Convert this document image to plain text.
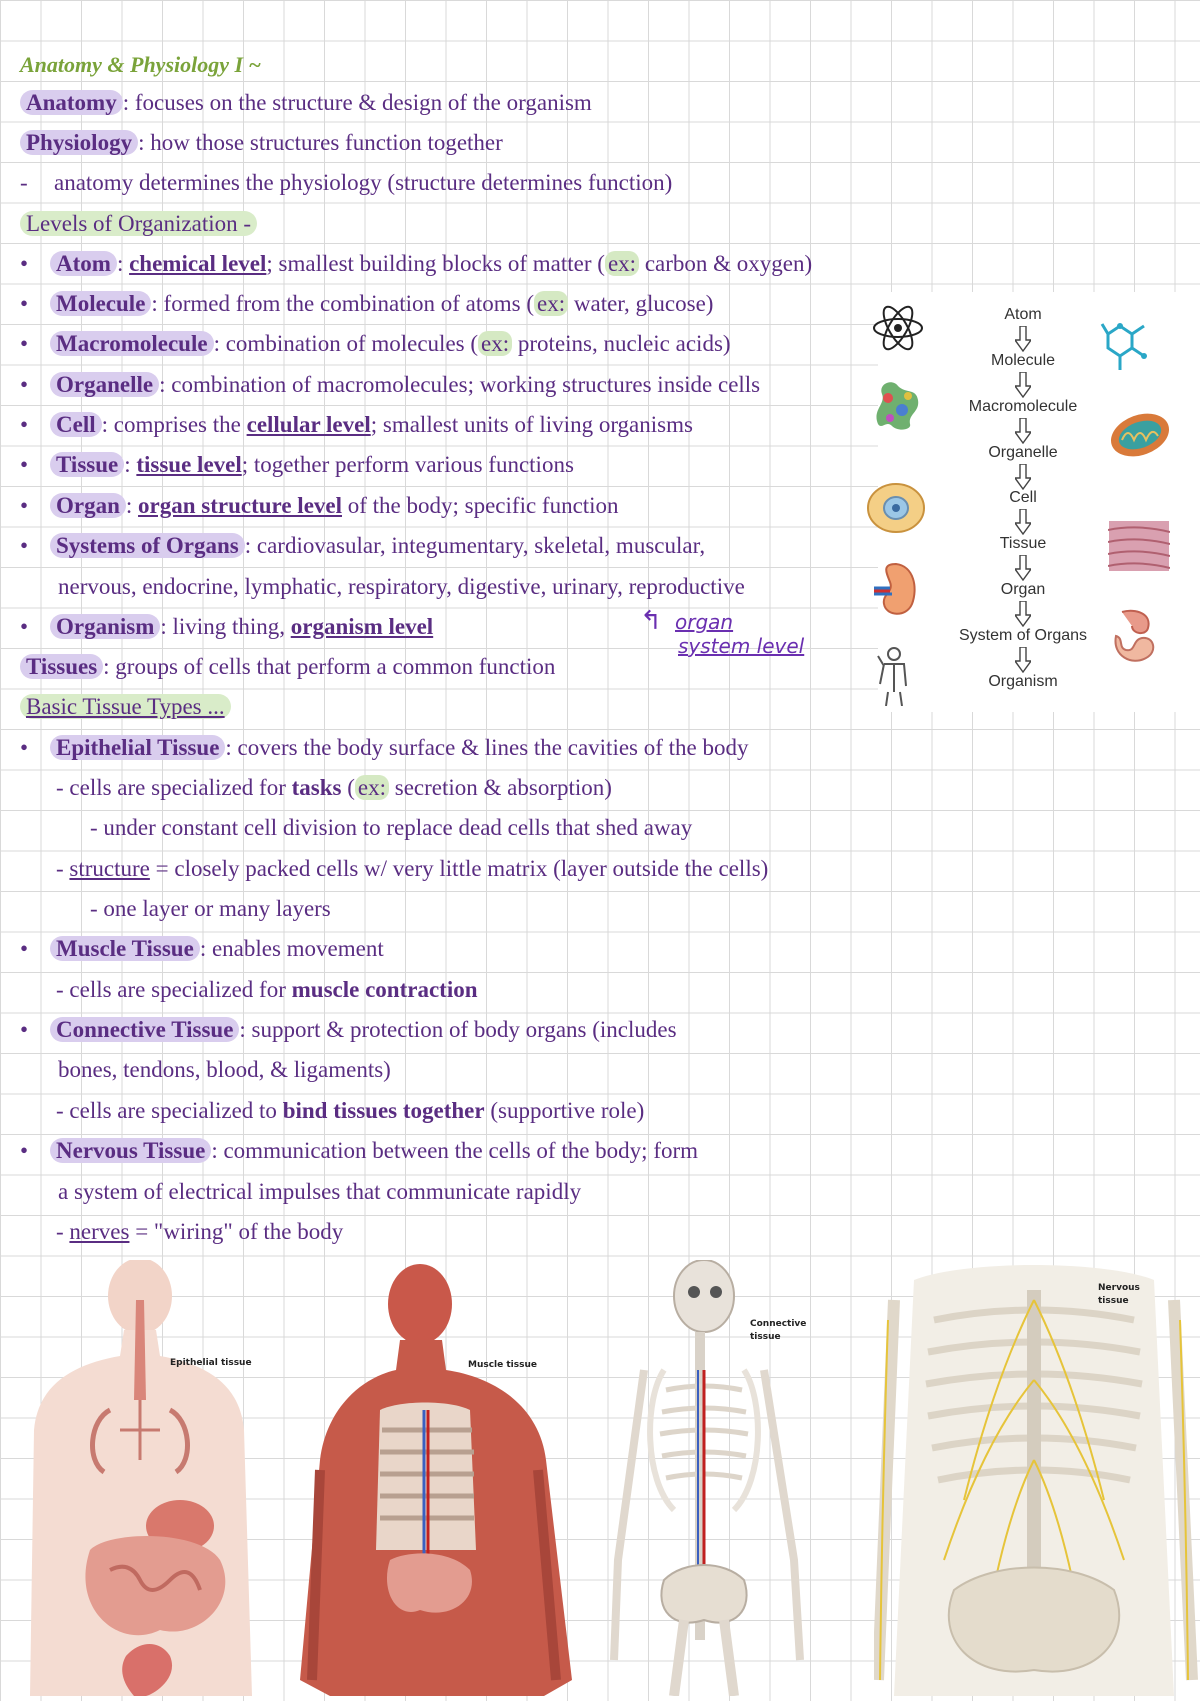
Anatomy & Physiology I ~
Anatomy : focuses on the structure & design of the organism
Physiology : how those structures function together
- anatomy determines the physiology (structure determines function)
Levels of Organization -
• Atom : chemical level; smallest building blocks of matter ( ex: carbon & oxygen)
• Molecule : formed from the combination of atoms ( ex: water, glucose)
• Macromolecule : combination of molecules ( ex: proteins, nucleic acids)
• Organelle : combination of macromolecules; working structures inside cells
• Cell : comprises the cellular level; smallest units of living organisms
• Tissue : tissue level; together perform various functions
• Organ : organ structure level of the body; specific function
• Systems of Organs : cardiovasular, integumentary, skeletal, muscular,
nervous, endocrine, lymphatic, respiratory, digestive, urinary, reproductive
• Organism : living thing, organism level	↰ organ
system level
Tissues : groups of cells that perform a common function
Basic Tissue Types ...
• Epithelial Tissue : covers the body surface & lines the cavities of the body
- cells are specialized for tasks ( ex: secretion & absorption)
- under constant cell division to replace dead cells that shed away
- structure = closely packed cells w/ very little matrix (layer outside the cells)
- one layer or many layers
• Muscle Tissue : enables movement
- cells are specialized for muscle contraction
• Connective Tissue : support & protection of body organs (includes
bones, tendons, blood, & ligaments)
- cells are specialized to bind tissues together (supportive role)
• Nervous Tissue : communication between the cells of the body; form
a system of electrical impulses that communicate rapidly
- nerves = "wiring" of the body
Atom
Molecule
Macromolecule
Organelle
Cell
Tissue
Organ
System of Organs
Organism
Epithelial tissue	Muscle tissue
Connective tissue
Nervous tissue
